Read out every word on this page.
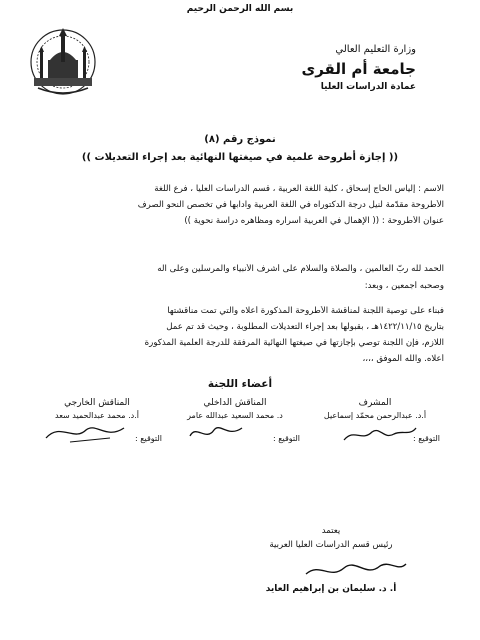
بسم الله الرحمن الرحيم
وزارة التعليم العالي
جامعة أم القرى
عمادة الدراسات العليا
نموذج رقم (٨)
(( إجازة أطروحة علمية في صيغتها النهائية بعد إجراء التعديلات ))
الاسم : إلياس الحاج إسحاق ، كلية اللغة العربية ، قسم الدراسات العليا ، فرع اللغة
الأطروحة مقدّمة لنيل درجة الدكتوراه في اللغة العربية وآدابها في تخصص النحو الصرف
عنوان الأطروحة : (( الإهمال في العربية أسراره ومظاهره دراسة نحوية ))
الحمد لله ربّ العالمين ، والصلاة والسلام على أشرف الأنبياء والمرسلين وعلى آله
وصحبه أجمعين ، وبعد:
فبناء على توصية اللجنة لمناقشة الأطروحة المذكورة أعلاه والتي تمت مناقشتها
بتاريخ ١٤٢٢/١١/١٥هـ ، بقبولها بعد إجراء التعديلات المطلوبة ، وحيث قد تم عمل
اللازم، فإن اللجنة توصي بإجازتها في صيغتها النهائية المرفقة للدرجة العلمية المذكورة
أعلاه. والله الموفق ،،،،
أعضاء اللجنة
المشرف
أ.د. عبدالرحمن محمّد إسماعيل
التوقيع :
المناقش الداخلي
د. محمد السعيد عبدالله عامر
التوقيع :
المناقش الخارجي
أ.د. محمد عبدالحميد سعد
التوقيع :
يعتمد
رئيس قسم الدراسات العليا العربية
أ. د. سليمان بن إبراهيم العايد
